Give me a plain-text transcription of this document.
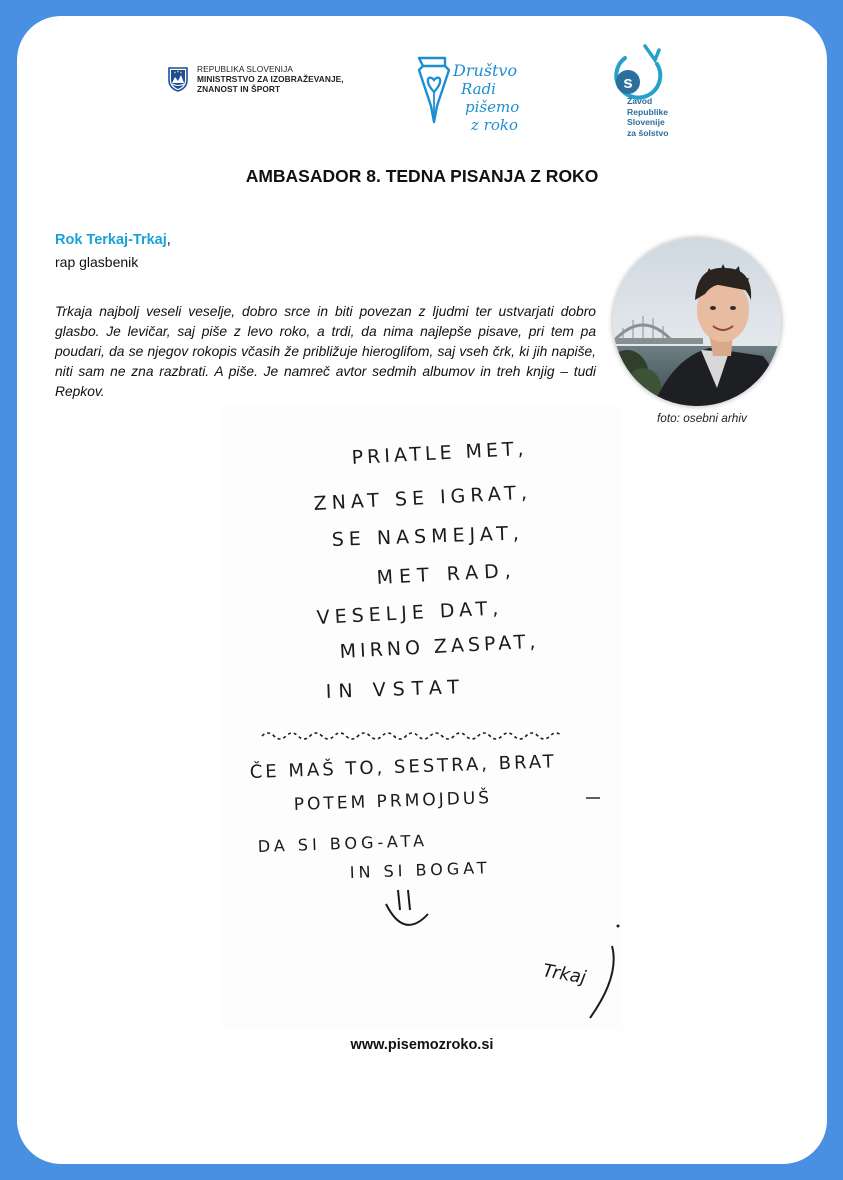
REPUBLIKA SLOVENIJA
MINISTRSTVO ZA IZOBRAŽEVANJE,
ZNANOST IN ŠPORT
Društvo
Radi
pišemo
z roko
s
Zavod
Republike
Slovenije
za šolstvo
AMBASADOR 8. TEDNA PISANJA Z ROKO
Rok Terkaj-Trkaj,
rap glasbenik
Trkaja najbolj veseli veselje, dobro srce in biti povezan z ljudmi ter ustvarjati dobro glasbo. Je levičar, saj piše z levo roko, a trdi, da nima najlepše pisave, pri tem pa poudari, da se njegov rokopis včasih že približuje hieroglifom, saj vseh črk, ki jih napiše, niti sam ne zna razbrati. A piše. Je namreč avtor sedmih albumov in treh knjig – tudi Repkov.
foto: osebni arhiv
PRIATLE MET,
ZNAT SE IGRAT,
SE NASMEJAT,
MET RAD,
VESELJE DAT,
MIRNO ZASPAT,
IN VSTAT
ČE MAŠ TO, SESTRA, BRAT
POTEM PRMOJDUŠ
DA SI BOG-ATA
IN SI BOGAT
Trkaj
www.pisemozroko.si
